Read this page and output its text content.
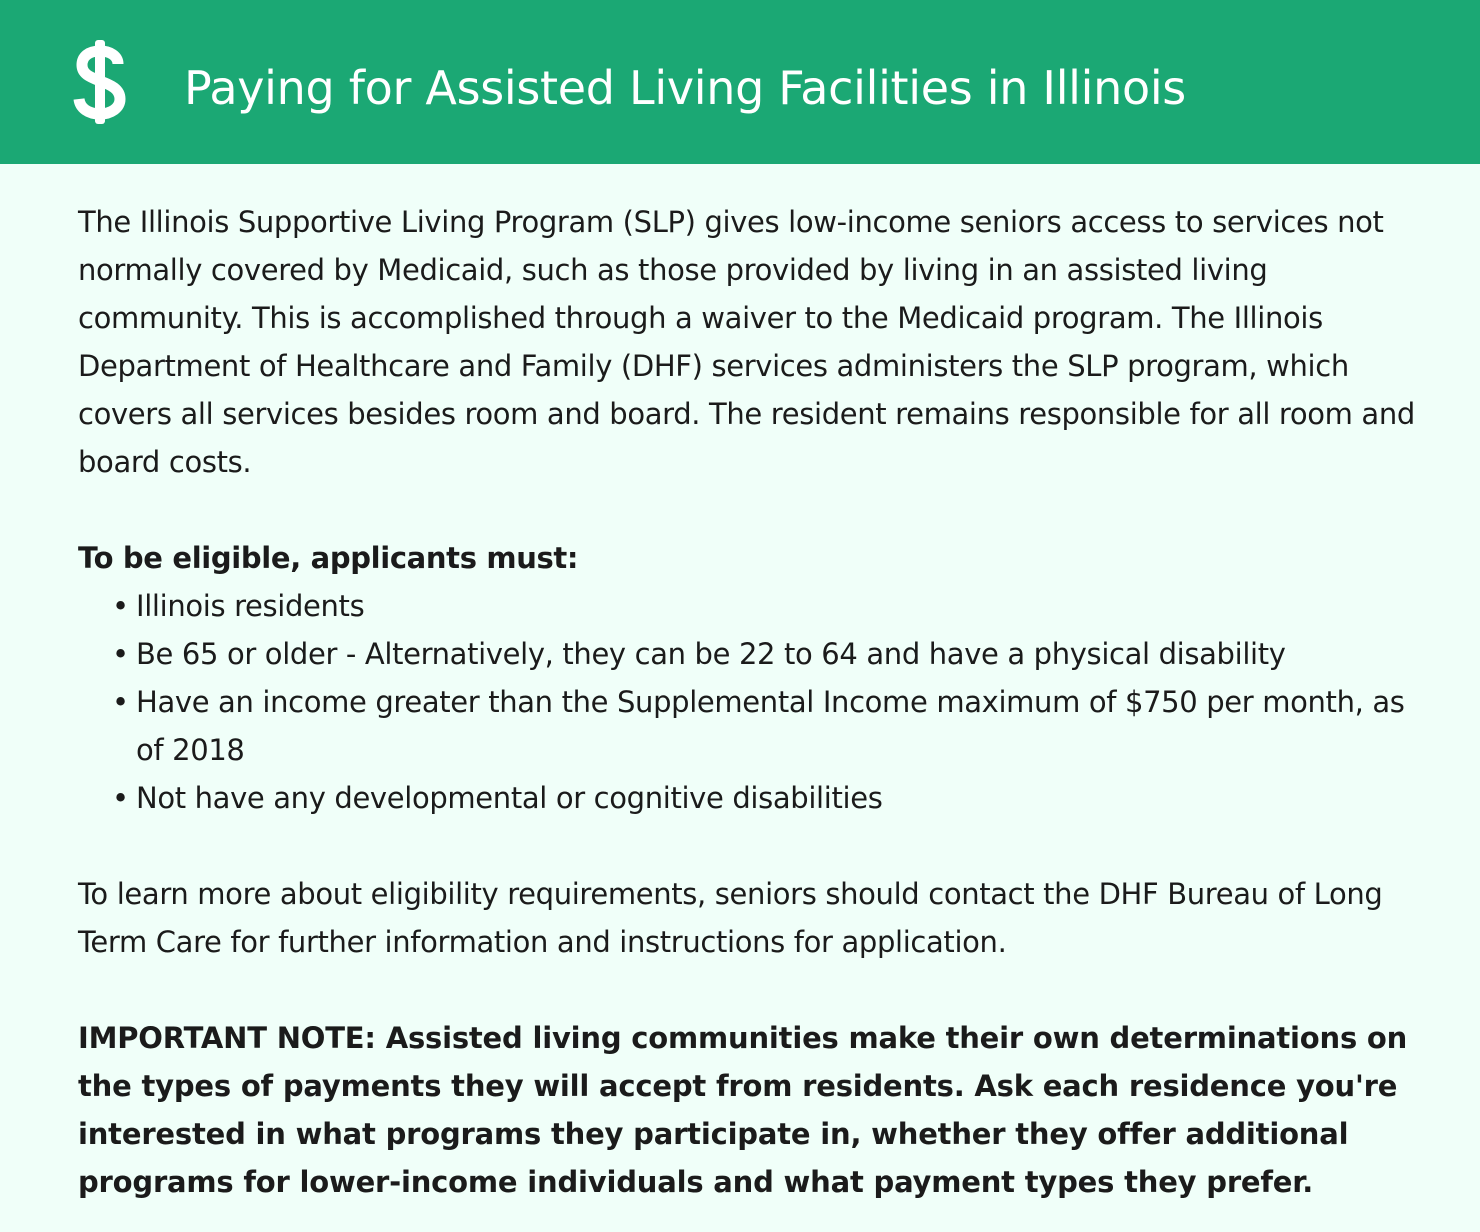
Paying for Assisted Living Facilities in Illinois

The Illinois Supportive Living Program (SLP) gives low-income seniors access to services not normally covered by Medicaid, such as those provided by living in an assisted living community. This is accomplished through a waiver to the Medicaid program. The Illinois Department of Healthcare and Family (DHF) services administers the SLP program, which covers all services besides room and board. The resident remains responsible for all room and board costs.

To be eligible, applicants must:

• Illinois residents
• Be 65 or older - Alternatively, they can be 22 to 64 and have a physical disability
• Have an income greater than the Supplemental Income maximum of $750 per month, as of 2018
• Not have any developmental or cognitive disabilities

To learn more about eligibility requirements, seniors should contact the DHF Bureau of Long Term Care for further information and instructions for application.

IMPORTANT NOTE: Assisted living communities make their own determinations on the types of payments they will accept from residents. Ask each residence you're interested in what programs they participate in, whether they offer additional programs for lower-income individuals and what payment types they prefer.
